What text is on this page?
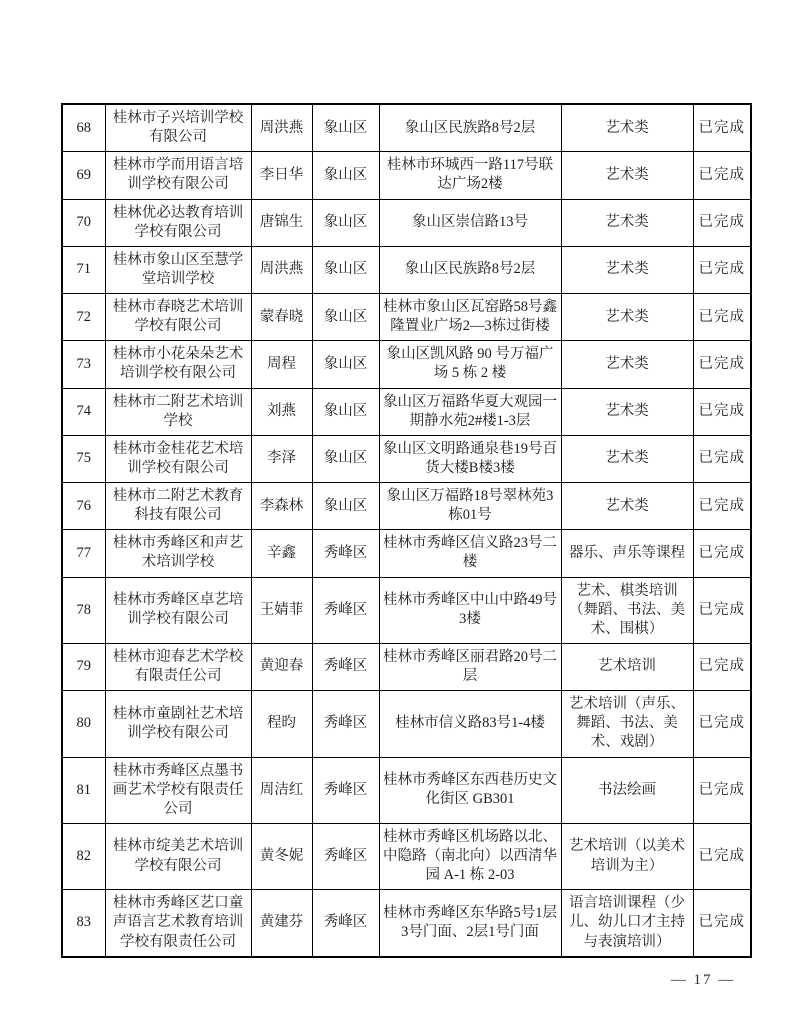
68	桂林市子兴培训学校有限公司	周洪燕	象山区	象山区民族路8号2层	艺术类	已完成
69	桂林市学而用语言培训学校有限公司	李日华	象山区	桂林市环城西一路117号联达广场2楼	艺术类	已完成
70	桂林优必达教育培训学校有限公司	唐锦生	象山区	象山区崇信路13号	艺术类	已完成
71	桂林市象山区至慧学堂培训学校	周洪燕	象山区	象山区民族路8号2层	艺术类	已完成
72	桂林市春晓艺术培训学校有限公司	蒙春晓	象山区	桂林市象山区瓦窑路58号鑫隆置业广场2—3栋过街楼	艺术类	已完成
73	桂林市小花朵朵艺术培训学校有限公司	周程	象山区	象山区凯风路 90 号万福广场 5 栋 2 楼	艺术类	已完成
74	桂林市二附艺术培训学校	刘燕	象山区	象山区万福路华夏大观园一期静水苑2#楼1-3层	艺术类	已完成
75	桂林市金桂花艺术培训学校有限公司	李泽	象山区	象山区文明路通泉巷19号百货大楼B楼3楼	艺术类	已完成
76	桂林市二附艺术教育科技有限公司	李森林	象山区	象山区万福路18号翠林苑3栋01号	艺术类	已完成
77	桂林市秀峰区和声艺术培训学校	辛鑫	秀峰区	桂林市秀峰区信义路23号二楼	器乐、声乐等课程	已完成
78	桂林市秀峰区卓艺培训学校有限公司	王婧菲	秀峰区	桂林市秀峰区中山中路49号3楼	艺术、棋类培训（舞蹈、书法、美术、围棋）	已完成
79	桂林市迎春艺术学校有限责任公司	黄迎春	秀峰区	桂林市秀峰区丽君路20号二层	艺术培训	已完成
80	桂林市童剧社艺术培训学校有限公司	程昀	秀峰区	桂林市信义路83号1-4楼	艺术培训（声乐、舞蹈、书法、美术、戏剧）	已完成
81	桂林市秀峰区点墨书画艺术学校有限责任公司	周洁红	秀峰区	桂林市秀峰区东西巷历史文化街区 GB301	书法绘画	已完成
82	桂林市绽美艺术培训学校有限公司	黄冬妮	秀峰区	桂林市秀峰区机场路以北、中隐路（南北向）以西清华园 A-1 栋 2-03	艺术培训（以美术培训为主）	已完成
83	桂林市秀峰区艺口童声语言艺术教育培训学校有限责任公司	黄建芬	秀峰区	桂林市秀峰区东华路5号1层3号门面、2层1号门面	语言培训课程（少儿、幼儿口才主持与表演培训）	已完成
— 17 —
